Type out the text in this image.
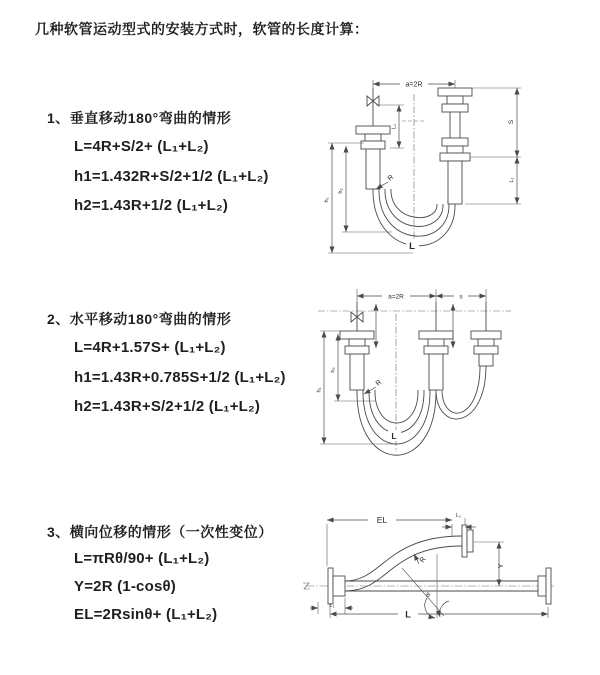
几种软管运动型式的安装方式时，软管的长度计算：
1、垂直移动180°弯曲的情形
L=4R+S/2+ (L₁+L₂)
h1=1.432R+S/2+1/2 (L₁+L₂)
h2=1.43R+1/2 (L₁+L₂)
2、水平移动180°弯曲的情形
L=4R+1.57S+ (L₁+L₂)
h1=1.43R+0.785S+1/2 (L₁+L₂)
h2=1.43R+S/2+1/2 (L₁+L₂)
3、横向位移的情形（一次性变位）
L=πRθ/90+ (L₁+L₂)
Y=2R (1-cosθ)
EL=2Rsinθ+ (L₁+L₂)
a=2R
L₁
S
L₂
h₁
h₂
R
L
a=2R	s
h₁
h₂
R
L
EL	L₁
Y
θ
R
L
L₁
